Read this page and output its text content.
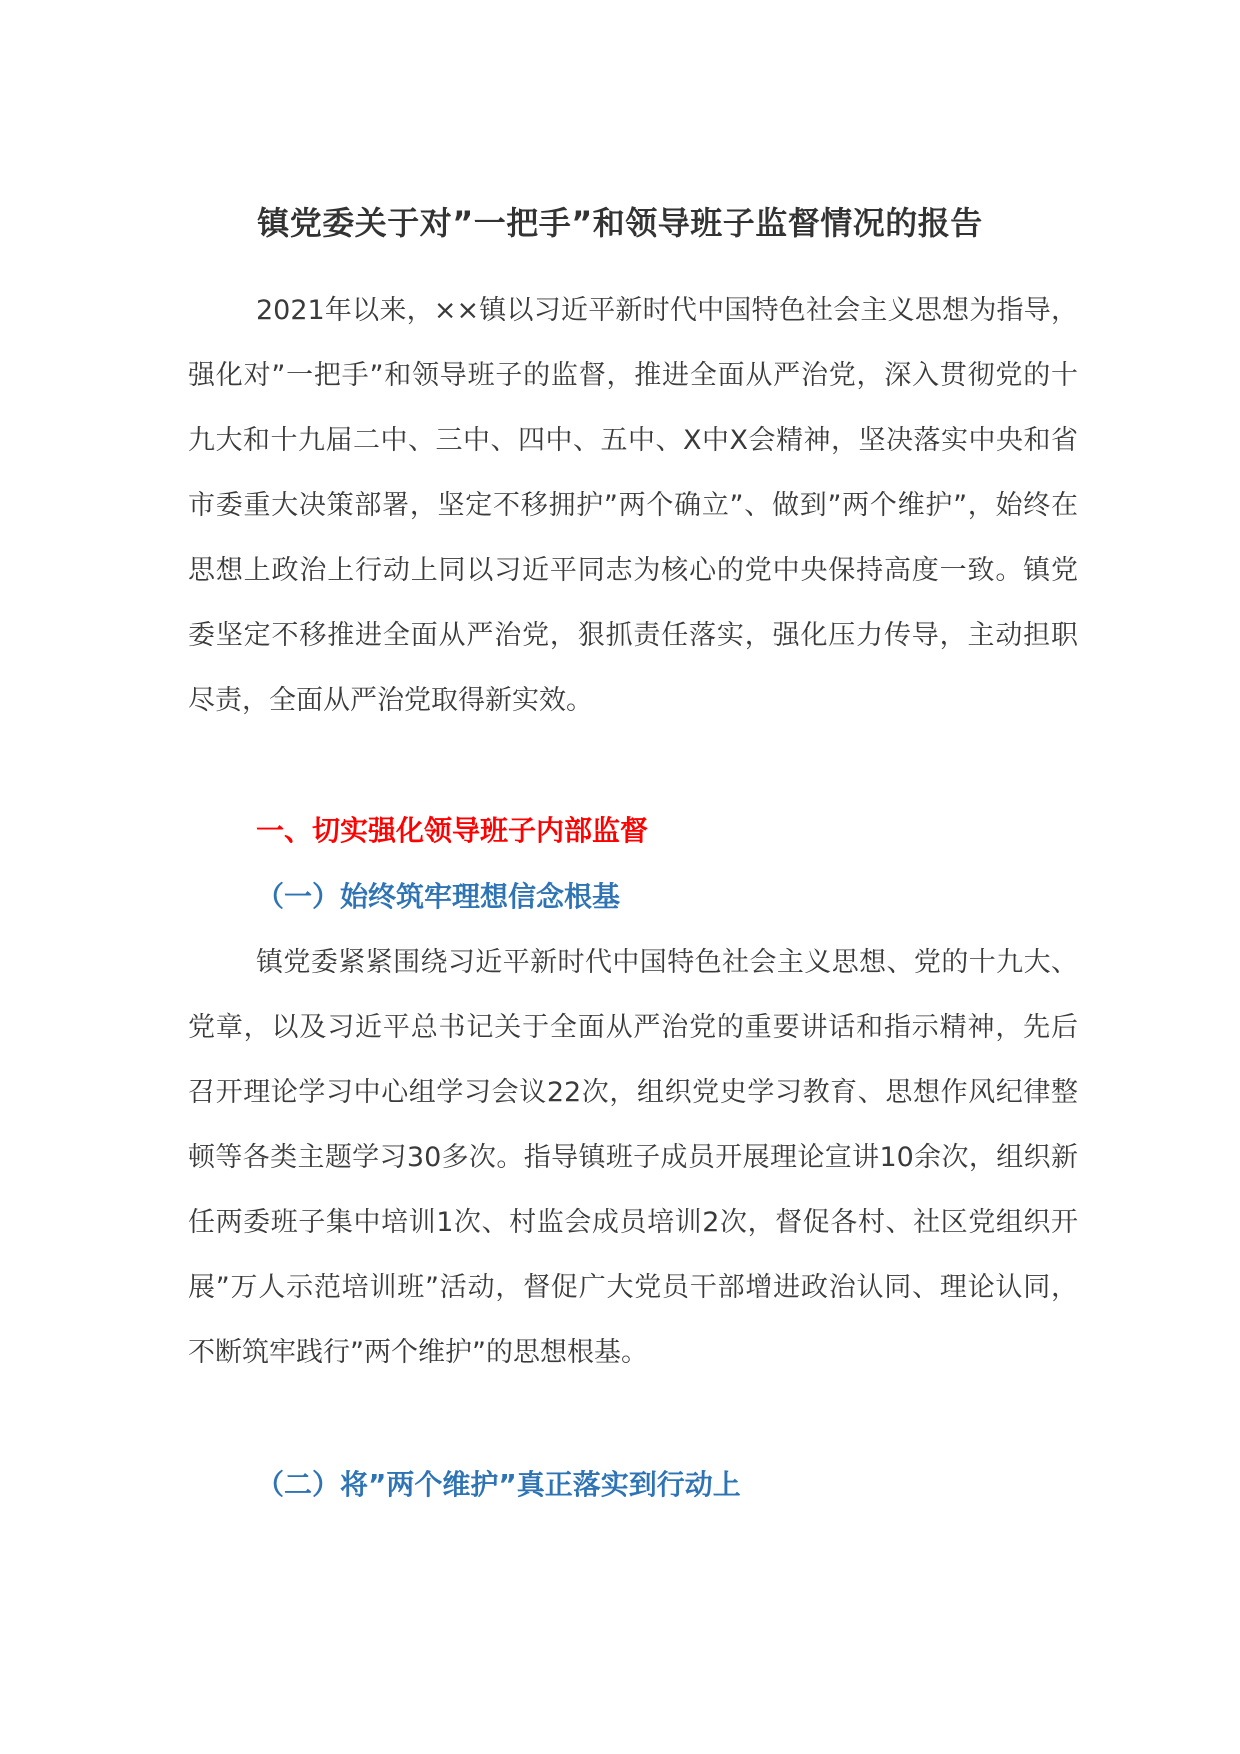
镇党委关于对”一把手”和领导班子监督情况的报告

2021年以来，××镇以习近平新时代中国特色社会主义思想为指导，强化对”一把手”和领导班子的监督，推进全面从严治党，深入贯彻党的十九大和十九届二中、三中、四中、五中、X中X会精神，坚决落实中央和省市委重大决策部署，坚定不移拥护”两个确立”、做到”两个维护”，始终在思想上政治上行动上同以习近平同志为核心的党中央保持高度一致。镇党委坚定不移推进全面从严治党，狠抓责任落实，强化压力传导，主动担职尽责，全面从严治党取得新实效。

一、切实强化领导班子内部监督
（一）始终筑牢理想信念根基

镇党委紧紧围绕习近平新时代中国特色社会主义思想、党的十九大、党章，以及习近平总书记关于全面从严治党的重要讲话和指示精神，先后召开理论学习中心组学习会议22次，组织党史学习教育、思想作风纪律整顿等各类主题学习30多次。指导镇班子成员开展理论宣讲10余次，组织新任两委班子集中培训1次、村监会成员培训2次，督促各村、社区党组织开展”万人示范培训班”活动，督促广大党员干部增进政治认同、理论认同，不断筑牢践行”两个维护”的思想根基。

（二）将”两个维护”真正落实到行动上
